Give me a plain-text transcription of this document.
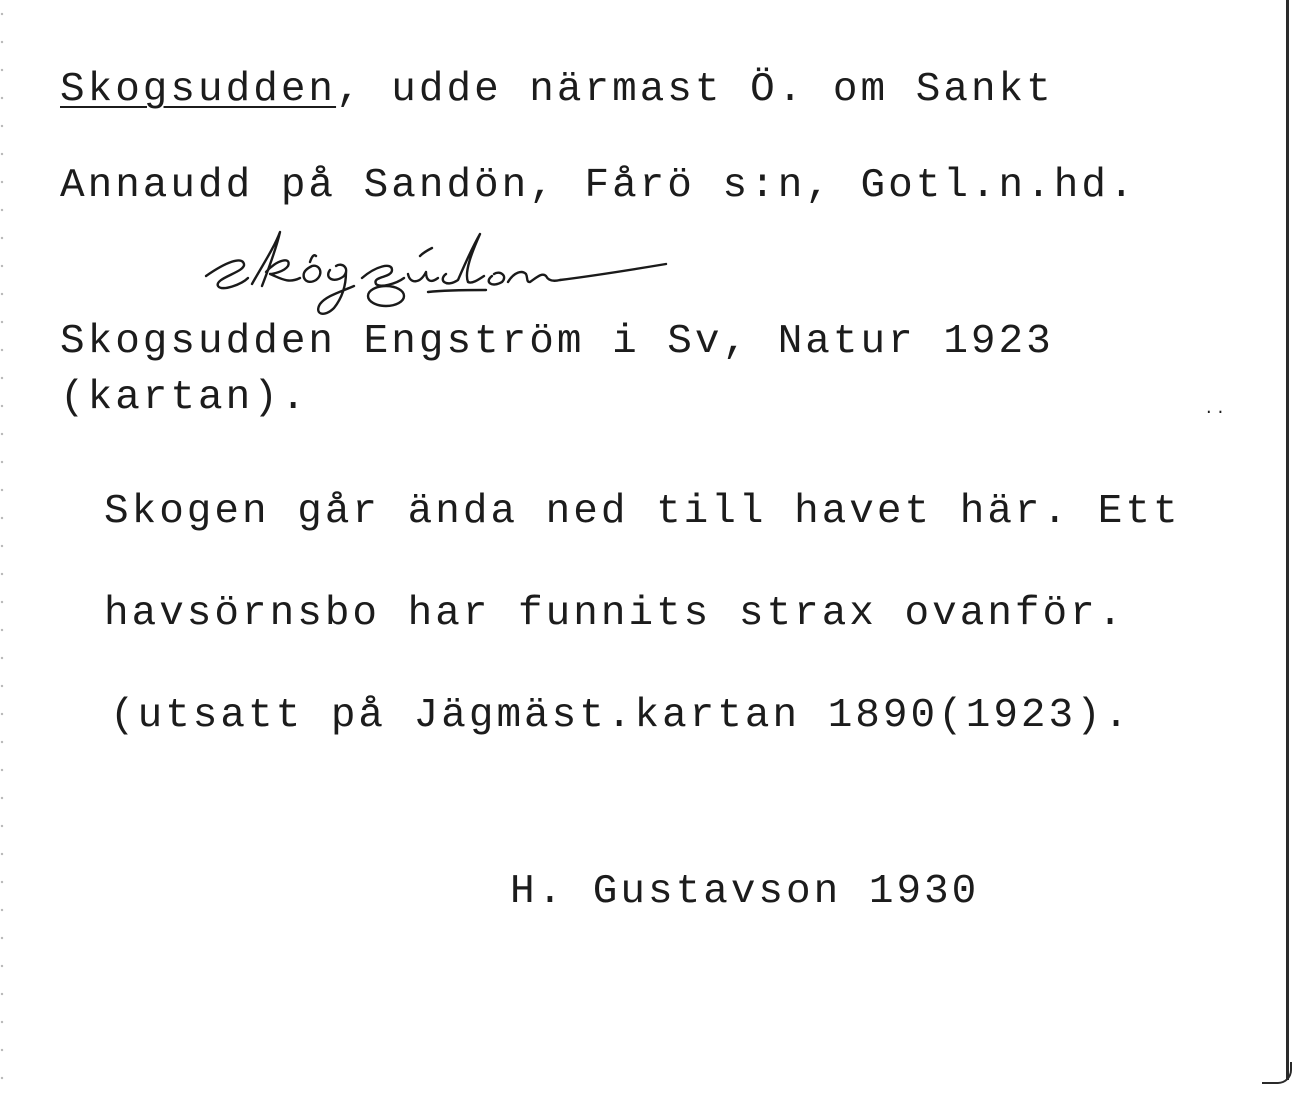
Skogsudden, udde närmast Ö. om Sankt
Annaudd på Sandön, Fårö s:n, Gotl.n.hd.
Skogsudden Engström i Sv, Natur 1923
(kartan).	..
Skogen går ända ned till havet här. Ett
havsörnsbo har funnits strax ovanför.
(utsatt på Jägmäst.kartan 1890(1923).
H. Gustavson 1930
